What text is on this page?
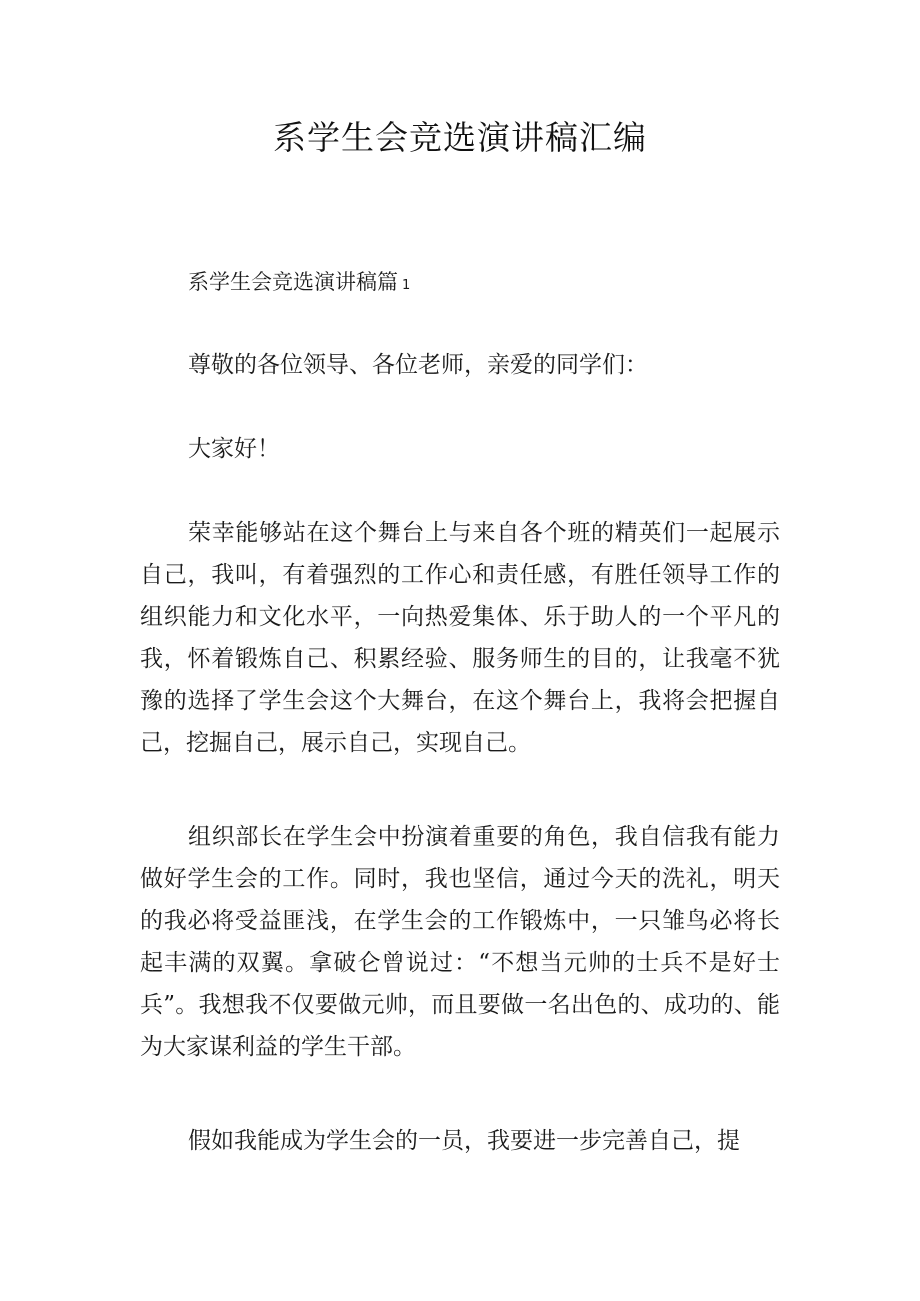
系学生会竞选演讲稿汇编

系学生会竞选演讲稿篇 1

尊敬的各位领导、各位老师，亲爱的同学们：

大家好！

荣幸能够站在这个舞台上与来自各个班的精英们一起展示自己，我叫，有着强烈的工作心和责任感，有胜任领导工作的组织能力和文化水平，一向热爱集体、乐于助人的一个平凡的我，怀着锻炼自己、积累经验、服务师生的目的，让我毫不犹豫的选择了学生会这个大舞台，在这个舞台上，我将会把握自己，挖掘自己，展示自己，实现自己。

组织部长在学生会中扮演着重要的角色，我自信我有能力做好学生会的工作。同时，我也坚信，通过今天的洗礼，明天的我必将受益匪浅，在学生会的工作锻炼中，一只雏鸟必将长起丰满的双翼。拿破仑曾说过：“不想当元帅的士兵不是好士兵”。我想我不仅要做元帅，而且要做一名出色的、成功的、能为大家谋利益的学生干部。

假如我能成为学生会的一员，我要进一步完善自己，提
